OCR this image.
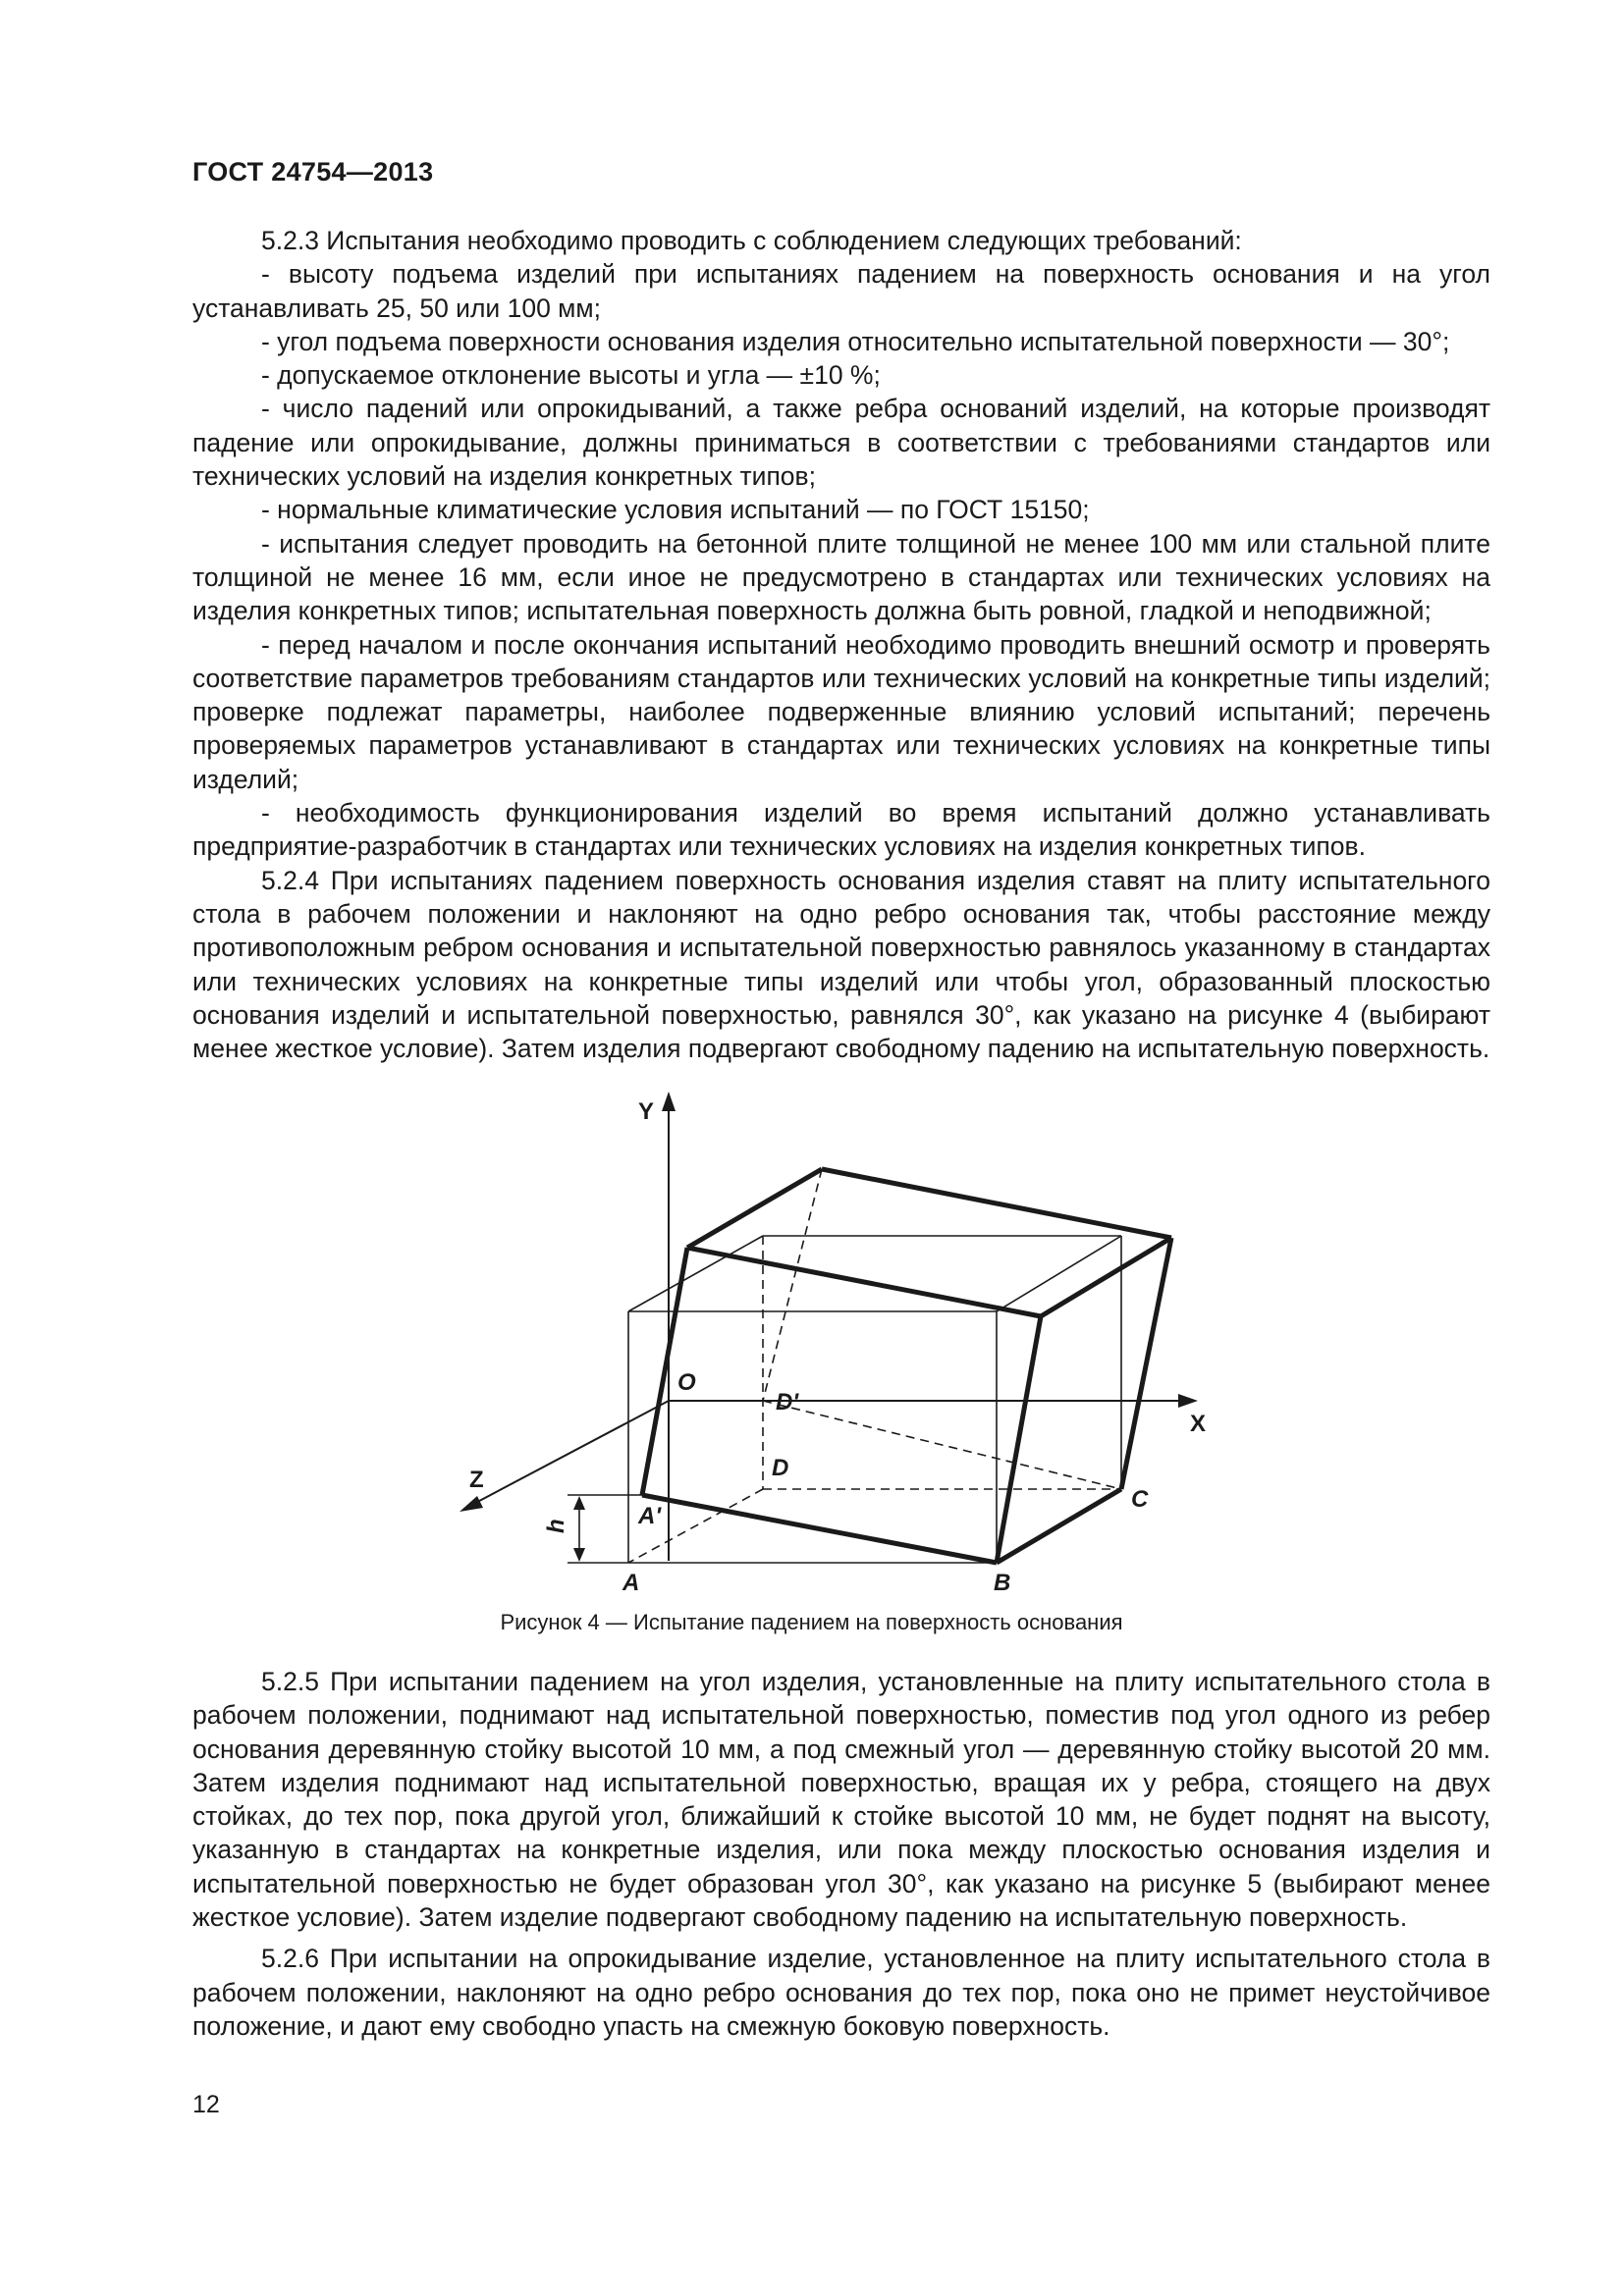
ГОСТ 24754—2013

5.2.3 Испытания необходимо проводить с соблюдением следующих требований:

- высоту подъема изделий при испытаниях падением на поверхность основания и на угол устанавливать 25, 50 или 100 мм;

- угол подъема поверхности основания изделия относительно испытательной поверхности — 30°;

- допускаемое отклонение высоты и угла — ±10 %;

- число падений или опрокидываний, а также ребра оснований изделий, на которые производят падение или опрокидывание, должны приниматься в соответствии с требованиями стандартов или технических условий на изделия конкретных типов;

- нормальные климатические условия испытаний — по ГОСТ 15150;

- испытания следует проводить на бетонной плите толщиной не менее 100 мм или стальной плите толщиной не менее 16 мм, если иное не предусмотрено в стандартах или технических условиях на изделия конкретных типов; испытательная поверхность должна быть ровной, гладкой и неподвижной;

- перед началом и после окончания испытаний необходимо проводить внешний осмотр и проверять соответствие параметров требованиям стандартов или технических условий на конкретные типы изделий; проверке подлежат параметры, наиболее подверженные влиянию условий испытаний; перечень проверяемых параметров устанавливают в стандартах или технических условиях на конкретные типы изделий;

- необходимость функционирования изделий во время испытаний должно устанавливать предприятие-разработчик в стандартах или технических условиях на изделия конкретных типов.

5.2.4 При испытаниях падением поверхность основания изделия ставят на плиту испытательного стола в рабочем положении и наклоняют на одно ребро основания так, чтобы расстояние между противоположным ребром основания и испытательной поверхностью равнялось указанному в стандартах или технических условиях на конкретные типы изделий или чтобы угол, образованный плоскостью основания изделий и испытательной поверхностью, равнялся 30°, как указано на рисунке 4 (выбирают менее жесткое условие). Затем изделия подвергают свободному падению на испытательную поверхность.

Y
X
Z
O
D'
D
A'
A	B
C
h
Рисунок 4 — Испытание падением на поверхность основания

5.2.5 При испытании падением на угол изделия, установленные на плиту испытательного стола в рабочем положении, поднимают над испытательной поверхностью, поместив под угол одного из ребер основания деревянную стойку высотой 10 мм, а под смежный угол — деревянную стойку высотой 20 мм. Затем изделия поднимают над испытательной поверхностью, вращая их у ребра, стоящего на двух стойках, до тех пор, пока другой угол, ближайший к стойке высотой 10 мм, не будет поднят на высоту, указанную в стандартах на конкретные изделия, или пока между плоскостью основания изделия и испытательной поверхностью не будет образован угол 30°, как указано на рисунке 5 (выбирают менее жесткое условие). Затем изделие подвергают свободному падению на испытательную поверхность.

5.2.6 При испытании на опрокидывание изделие, установленное на плиту испытательного стола в рабочем положении, наклоняют на одно ребро основания до тех пор, пока оно не примет неустойчивое положение, и дают ему свободно упасть на смежную боковую поверхность.

12
